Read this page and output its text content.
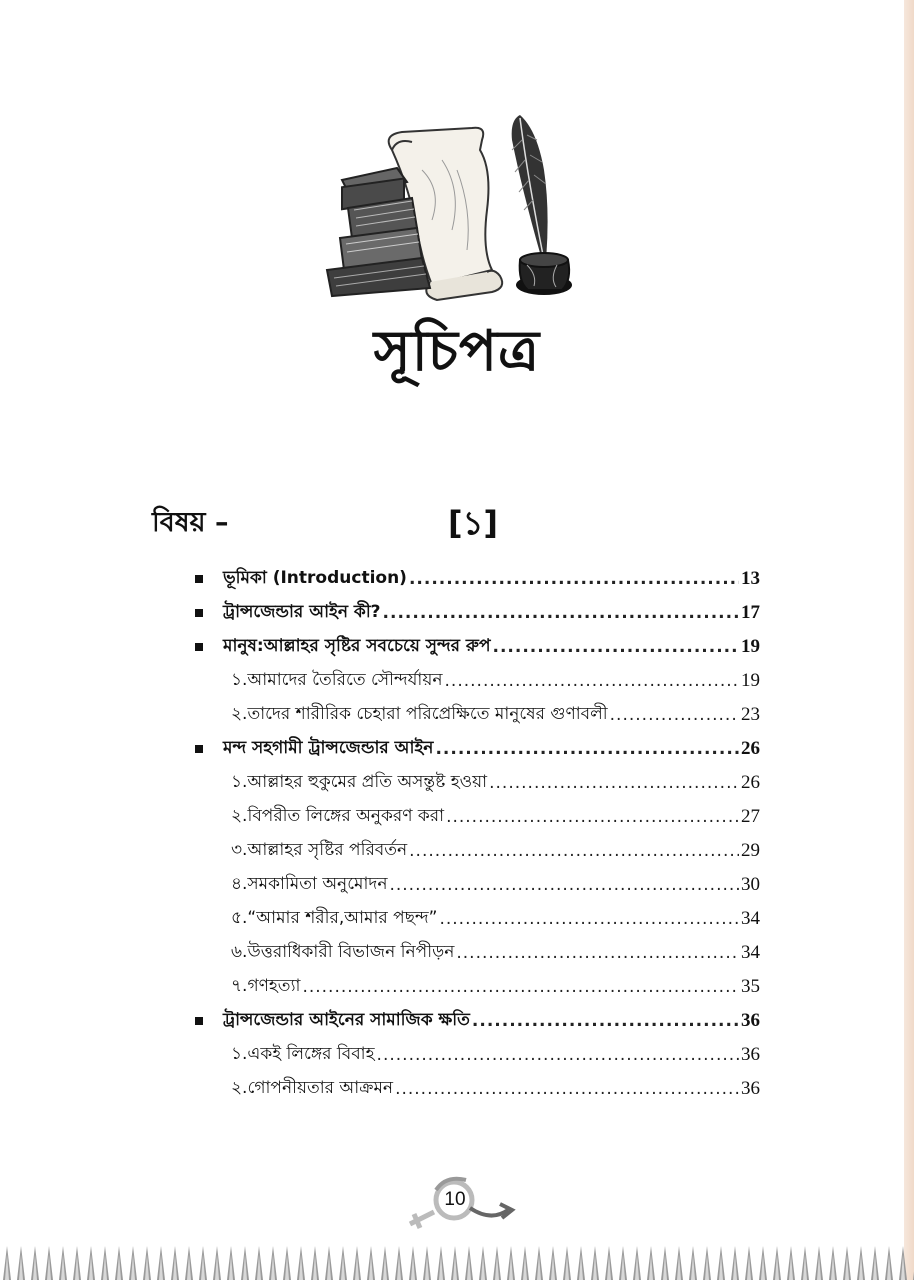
সূচিপত্র
বিষয় –	[১]
ভূমিকা (Introduction) .....	13
ট্রান্সজেন্ডার আইন কী? .....	17
মানুষ:আল্লাহর সৃষ্টির সবচেয়ে সুন্দর রুপ .....	19
১.আমাদের তৈরিতে সৌন্দর্যায়ন .....	19
২.তাদের শারীরিক চেহারা পরিপ্রেক্ষিতে মানুষের গুণাবলী .....	23
মন্দ সহগামী ট্রান্সজেন্ডার আইন .....	26
১.আল্লাহর হুকুমের প্রতি অসন্তুষ্ট হওয়া .....	26
২.বিপরীত লিঙ্গের অনুকরণ করা .....	27
৩.আল্লাহর সৃষ্টির পরিবর্তন .....	29
৪.সমকামিতা অনুমোদন .....	30
৫.“আমার শরীর,আমার পছন্দ” .....	34
৬.উত্তরাধিকারী বিভাজন নিপীড়ন .....	34
৭.গণহত্যা .....	35
ট্রান্সজেন্ডার আইনের সামাজিক ক্ষতি .....	36
১.একই লিঙ্গের বিবাহ .....	36
২.গোপনীয়তার আক্রমন .....	36
10
